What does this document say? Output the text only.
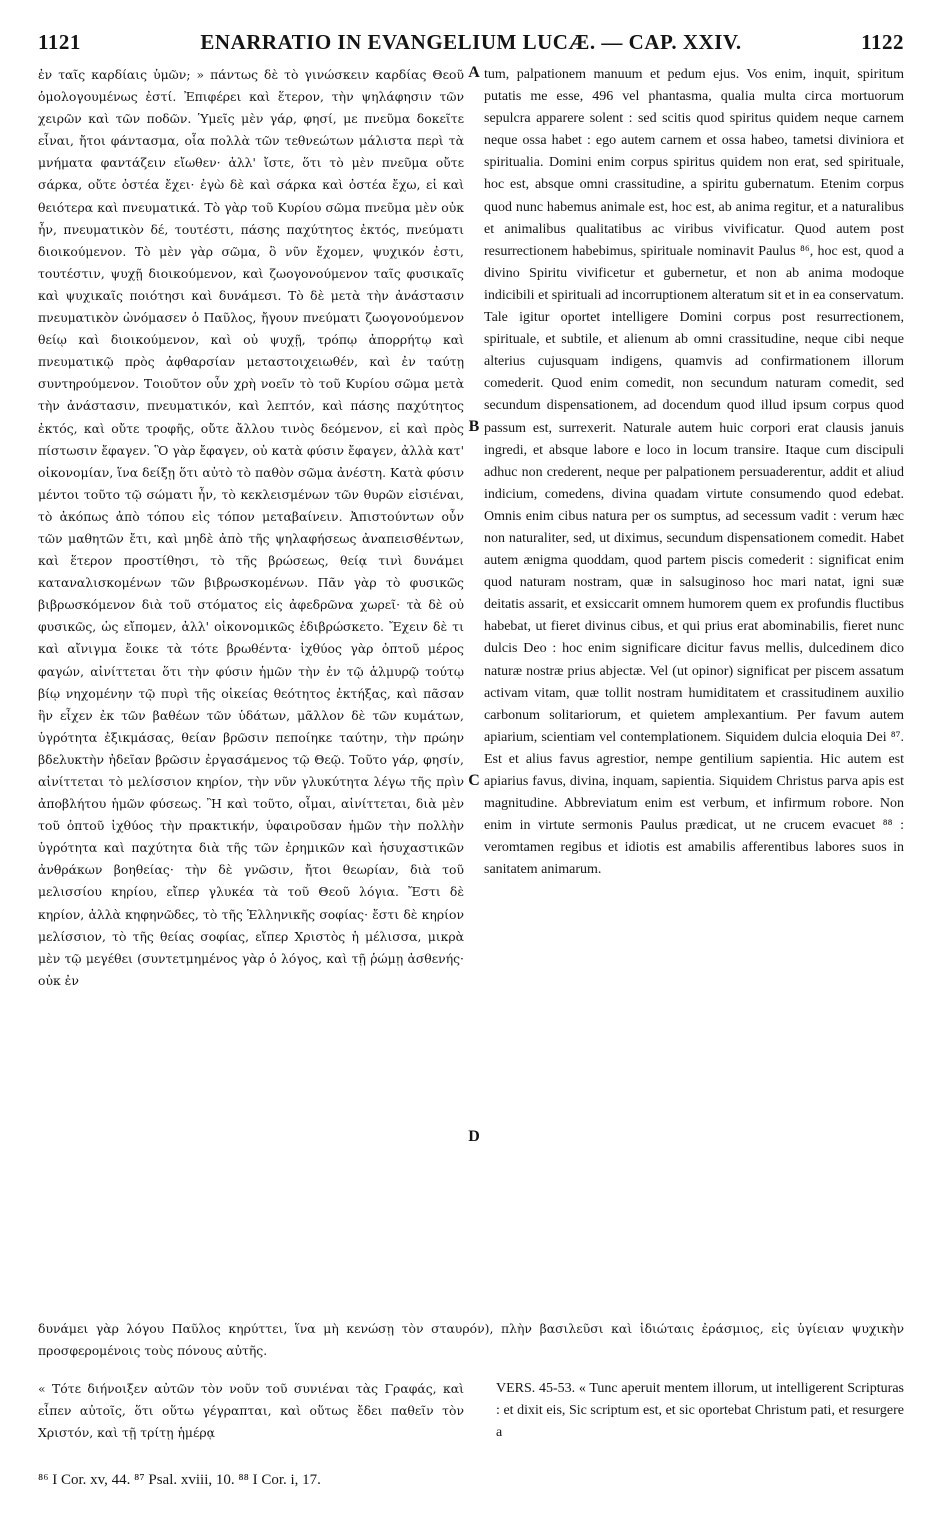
1121	ENARRATIO IN EVANGELIUM LUCÆ. — CAP. XXIV.	1122

ἐν ταῖς καρδίαις ὑμῶν; » πάντως δὲ τὸ γινώσκειν καρδίας Θεοῦ ὁμολογουμένως ἐστί. Ἐπιφέρει καὶ ἕτερον, τὴν ψηλάφησιν τῶν χειρῶν καὶ τῶν ποδῶν. Ὑμεῖς μὲν γάρ, φησί, με πνεῦμα δοκεῖτε εἶναι, ἤτοι φάντασμα, οἷα πολλὰ τῶν τεθνεώτων μάλιστα περὶ τὰ μνήματα φαντάζειν εἴωθεν· ἀλλ' ἴστε, ὅτι τὸ μὲν πνεῦμα οὔτε σάρκα, οὔτε ὀστέα ἔχει· ἐγὼ δὲ καὶ σάρκα καὶ ὀστέα ἔχω, εἰ καὶ θειότερα καὶ πνευματικά. Τὸ γὰρ τοῦ Κυρίου σῶμα πνεῦμα μὲν οὐκ ἦν, πνευματικὸν δέ, τουτέστι, πάσης παχύτητος ἐκτός, πνεύματι διοικούμενον. Τὸ μὲν γὰρ σῶμα, ὃ νῦν ἔχομεν, ψυχικόν ἐστι, τουτέστιν, ψυχῇ διοικούμενον, καὶ ζωογονούμενον ταῖς φυσικαῖς καὶ ψυχικαῖς ποιότησι καὶ δυνάμεσι. Τὸ δὲ μετὰ τὴν ἀνάστασιν πνευματικὸν ὠνόμασεν ὁ Παῦλος, ἤγουν πνεύματι ζωογονούμενον θείῳ καὶ διοικούμενον, καὶ οὐ ψυχῇ, τρόπῳ ἀπορρήτῳ καὶ πνευματικῷ πρὸς ἀφθαρσίαν μεταστοιχειωθέν, καὶ ἐν ταύτῃ συντηρούμενον. Τοιοῦτον οὖν χρὴ νοεῖν τὸ τοῦ Κυρίου σῶμα μετὰ τὴν ἀνάστασιν, πνευματικόν, καὶ λεπτόν, καὶ πάσης παχύτητος ἐκτός, καὶ οὔτε τροφῆς, οὔτε ἄλλου τινὸς δεόμενον, εἰ καὶ πρὸς πίστωσιν ἔφαγεν. Ὃ γὰρ ἔφαγεν, οὐ κατὰ φύσιν ἔφαγεν, ἀλλὰ κατ' οἰκονομίαν, ἵνα δείξῃ ὅτι αὐτὸ τὸ παθὸν σῶμα ἀνέστη. Κατὰ φύσιν μέντοι τοῦτο τῷ σώματι ἦν, τὸ κεκλεισμένων τῶν θυρῶν εἰσιέναι, τὸ ἀκόπως ἀπὸ τόπου εἰς τόπον μεταβαίνειν. Ἀπιστούντων οὖν τῶν μαθητῶν ἔτι, καὶ μηδὲ ἀπὸ τῆς ψηλαφήσεως ἀναπεισθέντων, καὶ ἕτερον προστίθησι, τὸ τῆς βρώσεως, θείᾳ τινὶ δυνάμει καταναλισκομένων τῶν βιβρωσκομένων. Πᾶν γὰρ τὸ φυσικῶς βιβρωσκόμενον διὰ τοῦ στόματος εἰς ἀφεδρῶνα χωρεῖ· τὰ δὲ οὐ φυσικῶς, ὡς εἴπομεν, ἀλλ' οἰκονομικῶς ἐδιβρώσκετο. Ἔχειν δὲ τι καὶ αἴνιγμα ἔοικε τὰ τότε βρωθέντα· ἰχθύος γὰρ ὀπτοῦ μέρος φαγών, αἰνίττεται ὅτι τὴν φύσιν ἡμῶν τὴν ἐν τῷ ἁλμυρῷ τούτῳ βίῳ νηχομένην τῷ πυρὶ τῆς οἰκείας θεότητος ἐκτήξας, καὶ πᾶσαν ἣν εἶχεν ἐκ τῶν βαθέων τῶν ὑδάτων, μᾶλλον δὲ τῶν κυμάτων, ὑγρότητα ἐξικμάσας, θείαν βρῶσιν πεποίηκε ταύτην, τὴν πρώην βδελυκτὴν ἠδεῖαν βρῶσιν ἐργασάμενος τῷ Θεῷ. Τοῦτο γάρ, φησίν, αἰνίττεται τὸ μελίσσιον κηρίον, τὴν νῦν γλυκύτητα λέγω τῆς πρὶν ἀποβλήτου ἡμῶν φύσεως. Ἢ καὶ τοῦτο, οἶμαι, αἰνίττεται, διὰ μὲν τοῦ ὀπτοῦ ἰχθύος τὴν πρακτικήν, ὑφαιροῦσαν ἡμῶν τὴν πολλὴν ὑγρότητα καὶ παχύτητα διὰ τῆς τῶν ἐρημικῶν καὶ ἡσυχαστικῶν ἀνθράκων βοηθείας· τὴν δὲ γνῶσιν, ἤτοι θεωρίαν, διὰ τοῦ μελισσίου κηρίου, εἴπερ γλυκέα τὰ τοῦ Θεοῦ λόγια. Ἔστι δὲ κηρίον, ἀλλὰ κηφηνῶδες, τὸ τῆς Ἑλληνικῆς σοφίας· ἔστι δὲ κηρίον μελίσσιον, τὸ τῆς θείας σοφίας, εἴπερ Χριστὸς ἡ μέλισσα, μικρὰ μὲν τῷ μεγέθει (συντετμημένος γὰρ ὁ λόγος, καὶ τῇ ῥώμῃ ἀσθενής· οὐκ ἐν

tum, palpationem manuum et pedum ejus. Vos enim, inquit, spiritum putatis me esse, 496 vel phantasma, qualia multa circa mortuorum sepulcra apparere solent : sed scitis quod spiritus quidem neque carnem neque ossa habet : ego autem carnem et ossa habeo, tametsi diviniora et spiritualia. Domini enim corpus spiritus quidem non erat, sed spirituale, hoc est, absque omni crassitudine, a spiritu gubernatum. Etenim corpus quod nunc habemus animale est, hoc est, ab anima regitur, et a naturalibus et animalibus qualitatibus ac viribus vivificatur. Quod autem post resurrectionem habebimus, spirituale nominavit Paulus ⁸⁶, hoc est, quod a divino Spiritu vivificetur et gubernetur, et non ab anima modoque indicibili et spirituali ad incorruptionem alteratum sit et in ea conservatum. Tale igitur oportet intelligere Domini corpus post resurrectionem, spirituale, et subtile, et alienum ab omni crassitudine, neque cibi neque alterius cujusquam indigens, quamvis ad confirmationem illorum comederit. Quod enim comedit, non secundum naturam comedit, sed secundum dispensationem, ad docendum quod illud ipsum corpus quod passum est, surrexerit. Naturale autem huic corpori erat clausis januis ingredi, et absque labore e loco in locum transire. Itaque cum discipuli adhuc non crederent, neque per palpationem persuaderentur, addit et aliud indicium, comedens, divina quadam virtute consumendo quod edebat. Omnis enim cibus natura per os sumptus, ad secessum vadit : verum hæc non naturaliter, sed, ut diximus, secundum dispensationem comedit. Habet autem ænigma quoddam, quod partem piscis comederit : significat enim quod naturam nostram, quæ in salsuginoso hoc mari natat, igni suæ deitatis assarit, et exsiccarit omnem humorem quem ex profundis fluctibus habebat, ut fieret divinus cibus, et qui prius erat abominabilis, fieret nunc dulcis Deo : hoc enim significare dicitur favus mellis, dulcedinem dico naturæ nostræ prius abjectæ. Vel (ut opinor) significat per piscem assatum activam vitam, quæ tollit nostram humiditatem et crassitudinem auxilio carbonum solitariorum, et quietem amplexantium. Per favum autem apiarium, scientiam vel contemplationem. Siquidem dulcia eloquia Dei ⁸⁷. Est et alius favus agrestior, nempe gentilium sapientia. Hic autem est apiarius favus, divina, inquam, sapientia. Siquidem Christus parva apis est magnitudine. Abbreviatum enim est verbum, et infirmum robore. Non enim in virtute sermonis Paulus prædicat, ut ne crucem evacuet ⁸⁸ : veromtamen regibus et idiotis est amabilis afferentibus labores suos in sanitatem animarum.

A
B
C
D
δυνάμει γὰρ λόγου Παῦλος κηρύττει, ἵνα μὴ κενώσῃ τὸν σταυρόν), πλὴν βασιλεῦσι καὶ ἰδιώταις ἐράσμιος, εἰς ὑγίειαν ψυχικὴν προσφερομένοις τοὺς πόνους αὐτῆς.
« Τότε διήνοιξεν αὐτῶν τὸν νοῦν τοῦ συνιέναι τὰς Γραφάς, καὶ εἶπεν αὐτοῖς, ὅτι οὕτω γέγραπται, καὶ οὕτως ἔδει παθεῖν τὸν Χριστόν, καὶ τῇ τρίτῃ ἡμέρᾳ
VERS. 45-53. « Tunc aperuit mentem illorum, ut intelligerent Scripturas : et dixit eis, Sic scriptum est, et sic oportebat Christum pati, et resurgere a
⁸⁶ I Cor. xv, 44. ⁸⁷ Psal. xviii, 10. ⁸⁸ I Cor. i, 17.
